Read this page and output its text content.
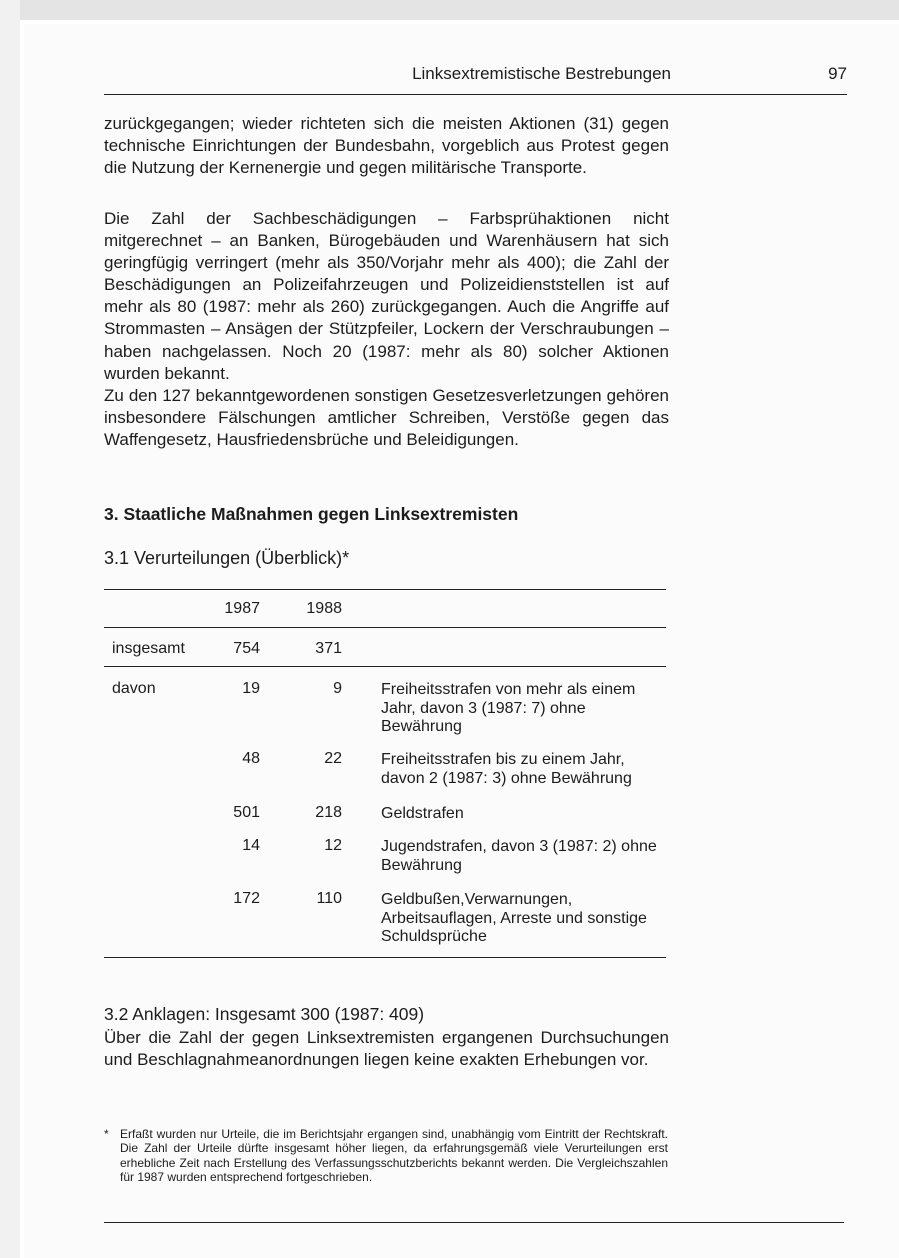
Linksextremistische Bestrebungen	97
zurückgegangen; wieder richteten sich die meisten Aktionen (31) gegen technische Einrichtungen der Bundesbahn, vorgeblich aus Protest gegen die Nutzung der Kernenergie und gegen militärische Transporte.
Die Zahl der Sachbeschädigungen – Farbsprühaktionen nicht mitgerechnet – an Banken, Bürogebäuden und Warenhäusern hat sich geringfügig verringert (mehr als 350/Vorjahr mehr als 400); die Zahl der Beschädigungen an Polizeifahrzeugen und Polizeidienststellen ist auf mehr als 80 (1987: mehr als 260) zurückgegangen. Auch die Angriffe auf Strommasten – Ansägen der Stützpfeiler, Lockern der Verschraubungen – haben nachgelassen. Noch 20 (1987: mehr als 80) solcher Aktionen wurden bekannt.
Zu den 127 bekanntgewordenen sonstigen Gesetzesverletzungen gehören insbesondere Fälschungen amtlicher Schreiben, Verstöße gegen das Waffengesetz, Hausfriedensbrüche und Beleidigungen.
3. Staatliche Maßnahmen gegen Linksextremisten
3.1 Verurteilungen (Überblick)*
1987	1988
insgesamt	754	371
davon	19	9 Freiheitsstrafen von mehr als einem Jahr, davon 3 (1987: 7) ohne Bewährung
48	22 Freiheitsstrafen bis zu einem Jahr, davon 2 (1987: 3) ohne Bewährung
501	218 Geldstrafen
14	12 Jugendstrafen, davon 3 (1987: 2) ohne Bewährung
172	110 Geldbußen,Verwarnungen, Arbeitsauflagen, Arreste und sonstige Schuldsprüche
3.2 Anklagen: Insgesamt 300 (1987: 409)
Über die Zahl der gegen Linksextremisten ergangenen Durchsuchungen und Beschlagnahmeanordnungen liegen keine exakten Erhebungen vor.
* Erfaßt wurden nur Urteile, die im Berichtsjahr ergangen sind, unabhängig vom Eintritt der Rechtskraft. Die Zahl der Urteile dürfte insgesamt höher liegen, da erfahrungsgemäß viele Verurteilungen erst erhebliche Zeit nach Erstellung des Verfassungsschutzberichts bekannt werden. Die Vergleichszahlen für 1987 wurden entsprechend fortgeschrieben.
